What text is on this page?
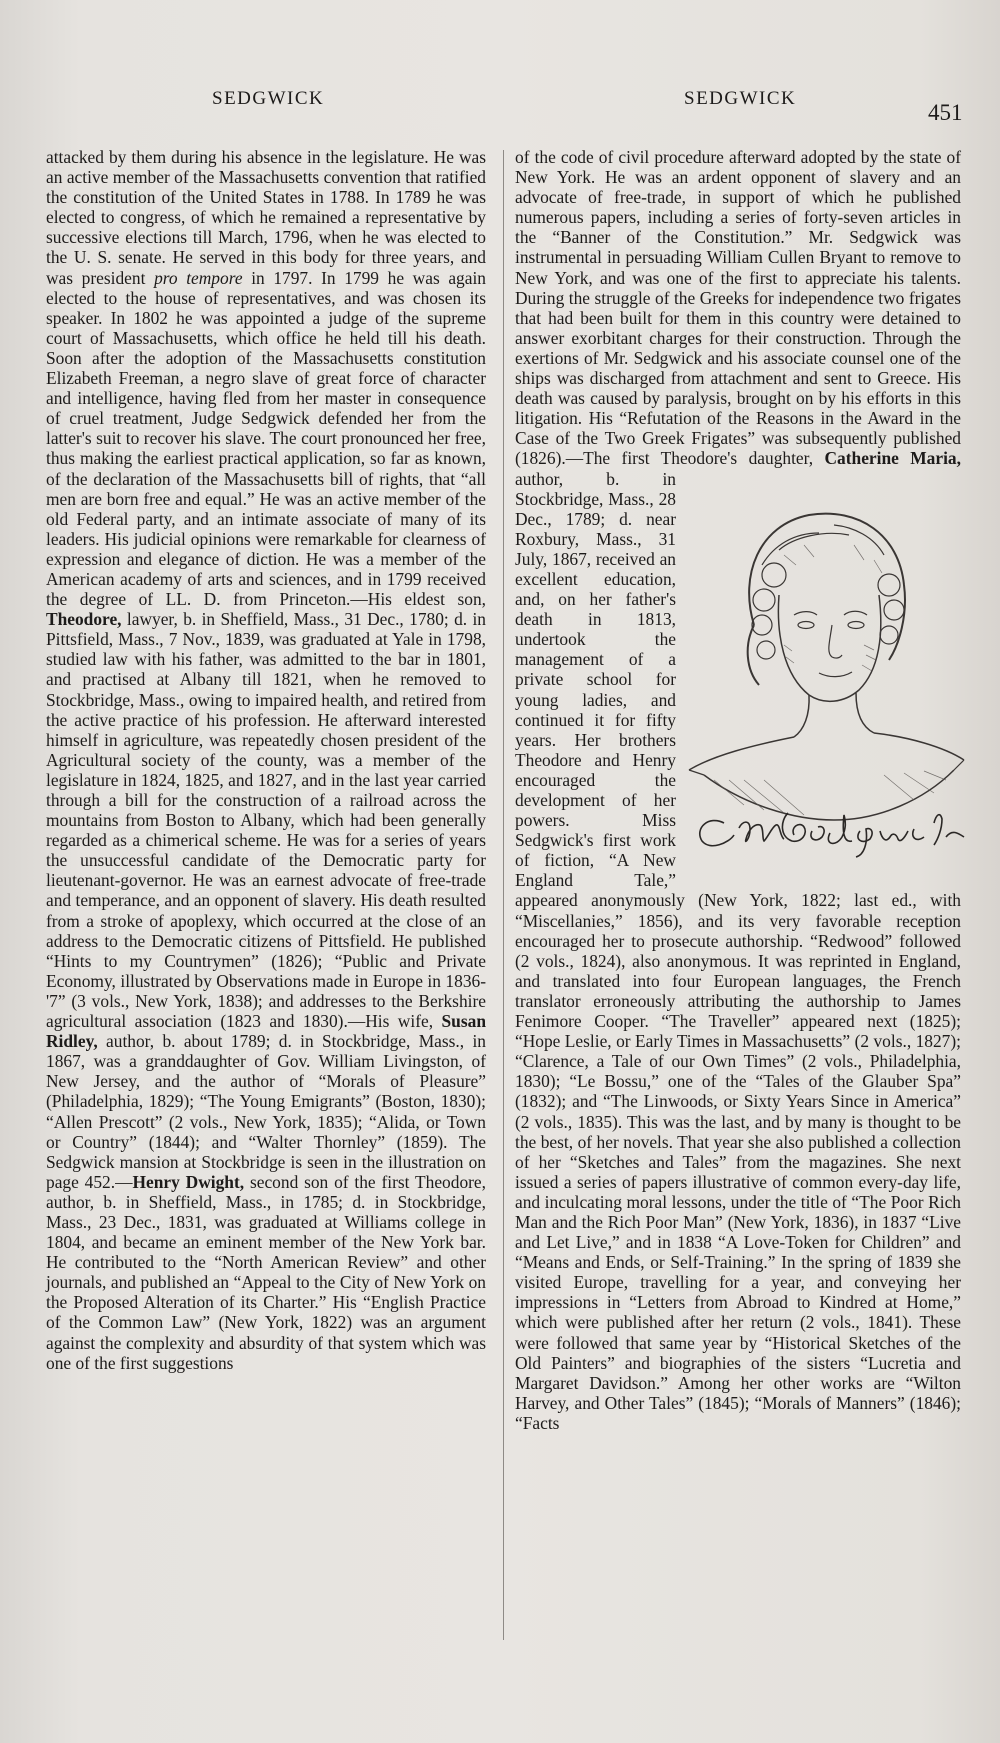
SEDGWICK	SEDGWICK
451

attacked by them during his absence in the legislature. He was an active member of the Massachusetts convention that ratified the constitution of the United States in 1788. In 1789 he was elected to congress, of which he remained a representative by successive elections till March, 1796, when he was elected to the U. S. senate. He served in this body for three years, and was president pro tempore in 1797. In 1799 he was again elected to the house of representatives, and was chosen its speaker. In 1802 he was appointed a judge of the supreme court of Massachusetts, which office he held till his death. Soon after the adoption of the Massachusetts constitution Elizabeth Freeman, a negro slave of great force of character and intelligence, having fled from her master in consequence of cruel treatment, Judge Sedgwick defended her from the latter's suit to recover his slave. The court pronounced her free, thus making the earliest practical application, so far as known, of the declaration of the Massachusetts bill of rights, that “all men are born free and equal.” He was an active member of the old Federal party, and an intimate associate of many of its leaders. His judicial opinions were remarkable for clearness of expression and elegance of diction. He was a member of the American academy of arts and sciences, and in 1799 received the degree of LL. D. from Princeton.—His eldest son, Theodore, lawyer, b. in Sheffield, Mass., 31 Dec., 1780; d. in Pittsfield, Mass., 7 Nov., 1839, was graduated at Yale in 1798, studied law with his father, was admitted to the bar in 1801, and practised at Albany till 1821, when he removed to Stockbridge, Mass., owing to impaired health, and retired from the active practice of his profession. He afterward interested himself in agriculture, was repeatedly chosen president of the Agricultural society of the county, was a member of the legislature in 1824, 1825, and 1827, and in the last year carried through a bill for the construction of a railroad across the mountains from Boston to Albany, which had been generally regarded as a chimerical scheme. He was for a series of years the unsuccessful candidate of the Democratic party for lieutenant-governor. He was an earnest advocate of free-trade and temperance, and an opponent of slavery. His death resulted from a stroke of apoplexy, which occurred at the close of an address to the Democratic citizens of Pittsfield. He published “Hints to my Countrymen” (1826); “Public and Private Economy, illustrated by Observations made in Europe in 1836-'7” (3 vols., New York, 1838); and addresses to the Berkshire agricultural association (1823 and 1830).—His wife, Susan Ridley, author, b. about 1789; d. in Stockbridge, Mass., in 1867, was a granddaughter of Gov. William Livingston, of New Jersey, and the author of “Morals of Pleasure” (Philadelphia, 1829); “The Young Emigrants” (Boston, 1830); “Allen Prescott” (2 vols., New York, 1835); “Alida, or Town or Country” (1844); and “Walter Thornley” (1859). The Sedgwick mansion at Stockbridge is seen in the illustration on page 452.—Henry Dwight, second son of the first Theodore, author, b. in Sheffield, Mass., in 1785; d. in Stockbridge, Mass., 23 Dec., 1831, was graduated at Williams college in 1804, and became an eminent member of the New York bar. He contributed to the “North American Review” and other journals, and published an “Appeal to the City of New York on the Proposed Alteration of its Charter.” His “English Practice of the Common Law” (New York, 1822) was an argument against the complexity and absurdity of that system which was one of the first suggestions

of the code of civil procedure afterward adopted by the state of New York. He was an ardent opponent of slavery and an advocate of free-trade, in support of which he published numerous papers, including a series of forty-seven articles in the “Banner of the Constitution.” Mr. Sedgwick was instrumental in persuading William Cullen Bryant to remove to New York, and was one of the first to appreciate his talents. During the struggle of the Greeks for independence two frigates that had been built for them in this country were detained to answer exorbitant charges for their construction. Through the exertions of Mr. Sedgwick and his associate counsel one of the ships was discharged from attachment and sent to Greece. His death was caused by paralysis, brought on by his efforts in this litigation. His “Refutation of the Reasons in the Award in the Case of the Two Greek Frigates” was subsequently published (1826).—The first Theodore's daughter, Catherine Maria,
C M Sedgwick
author, b. in Stockbridge, Mass., 28 Dec., 1789; d. near Roxbury, Mass., 31 July, 1867, received an excellent education, and, on her father's death in 1813, undertook the management of a private school for young ladies, and continued it for fifty years. Her brothers Theodore and Henry encouraged the development of her powers. Miss Sedgwick's first work of fiction, “A New England Tale,” appeared anonymously (New York, 1822; last ed., with “Miscellanies,” 1856), and its very favorable reception encouraged her to prosecute authorship. “Redwood” followed (2 vols., 1824), also anonymous. It was reprinted in England, and translated into four European languages, the French translator erroneously attributing the authorship to James Fenimore Cooper. “The Traveller” appeared next (1825); “Hope Leslie, or Early Times in Massachusetts” (2 vols., 1827); “Clarence, a Tale of our Own Times” (2 vols., Philadelphia, 1830); “Le Bossu,” one of the “Tales of the Glauber Spa” (1832); and “The Linwoods, or Sixty Years Since in America” (2 vols., 1835). This was the last, and by many is thought to be the best, of her novels. That year she also published a collection of her “Sketches and Tales” from the magazines. She next issued a series of papers illustrative of common every-day life, and inculcating moral lessons, under the title of “The Poor Rich Man and the Rich Poor Man” (New York, 1836), in 1837 “Live and Let Live,” and in 1838 “A Love-Token for Children” and “Means and Ends, or Self-Training.” In the spring of 1839 she visited Europe, travelling for a year, and conveying her impressions in “Letters from Abroad to Kindred at Home,” which were published after her return (2 vols., 1841). These were followed that same year by “Historical Sketches of the Old Painters” and biographies of the sisters “Lucretia and Margaret Davidson.” Among her other works are “Wilton Harvey, and Other Tales” (1845); “Morals of Manners” (1846); “Facts
